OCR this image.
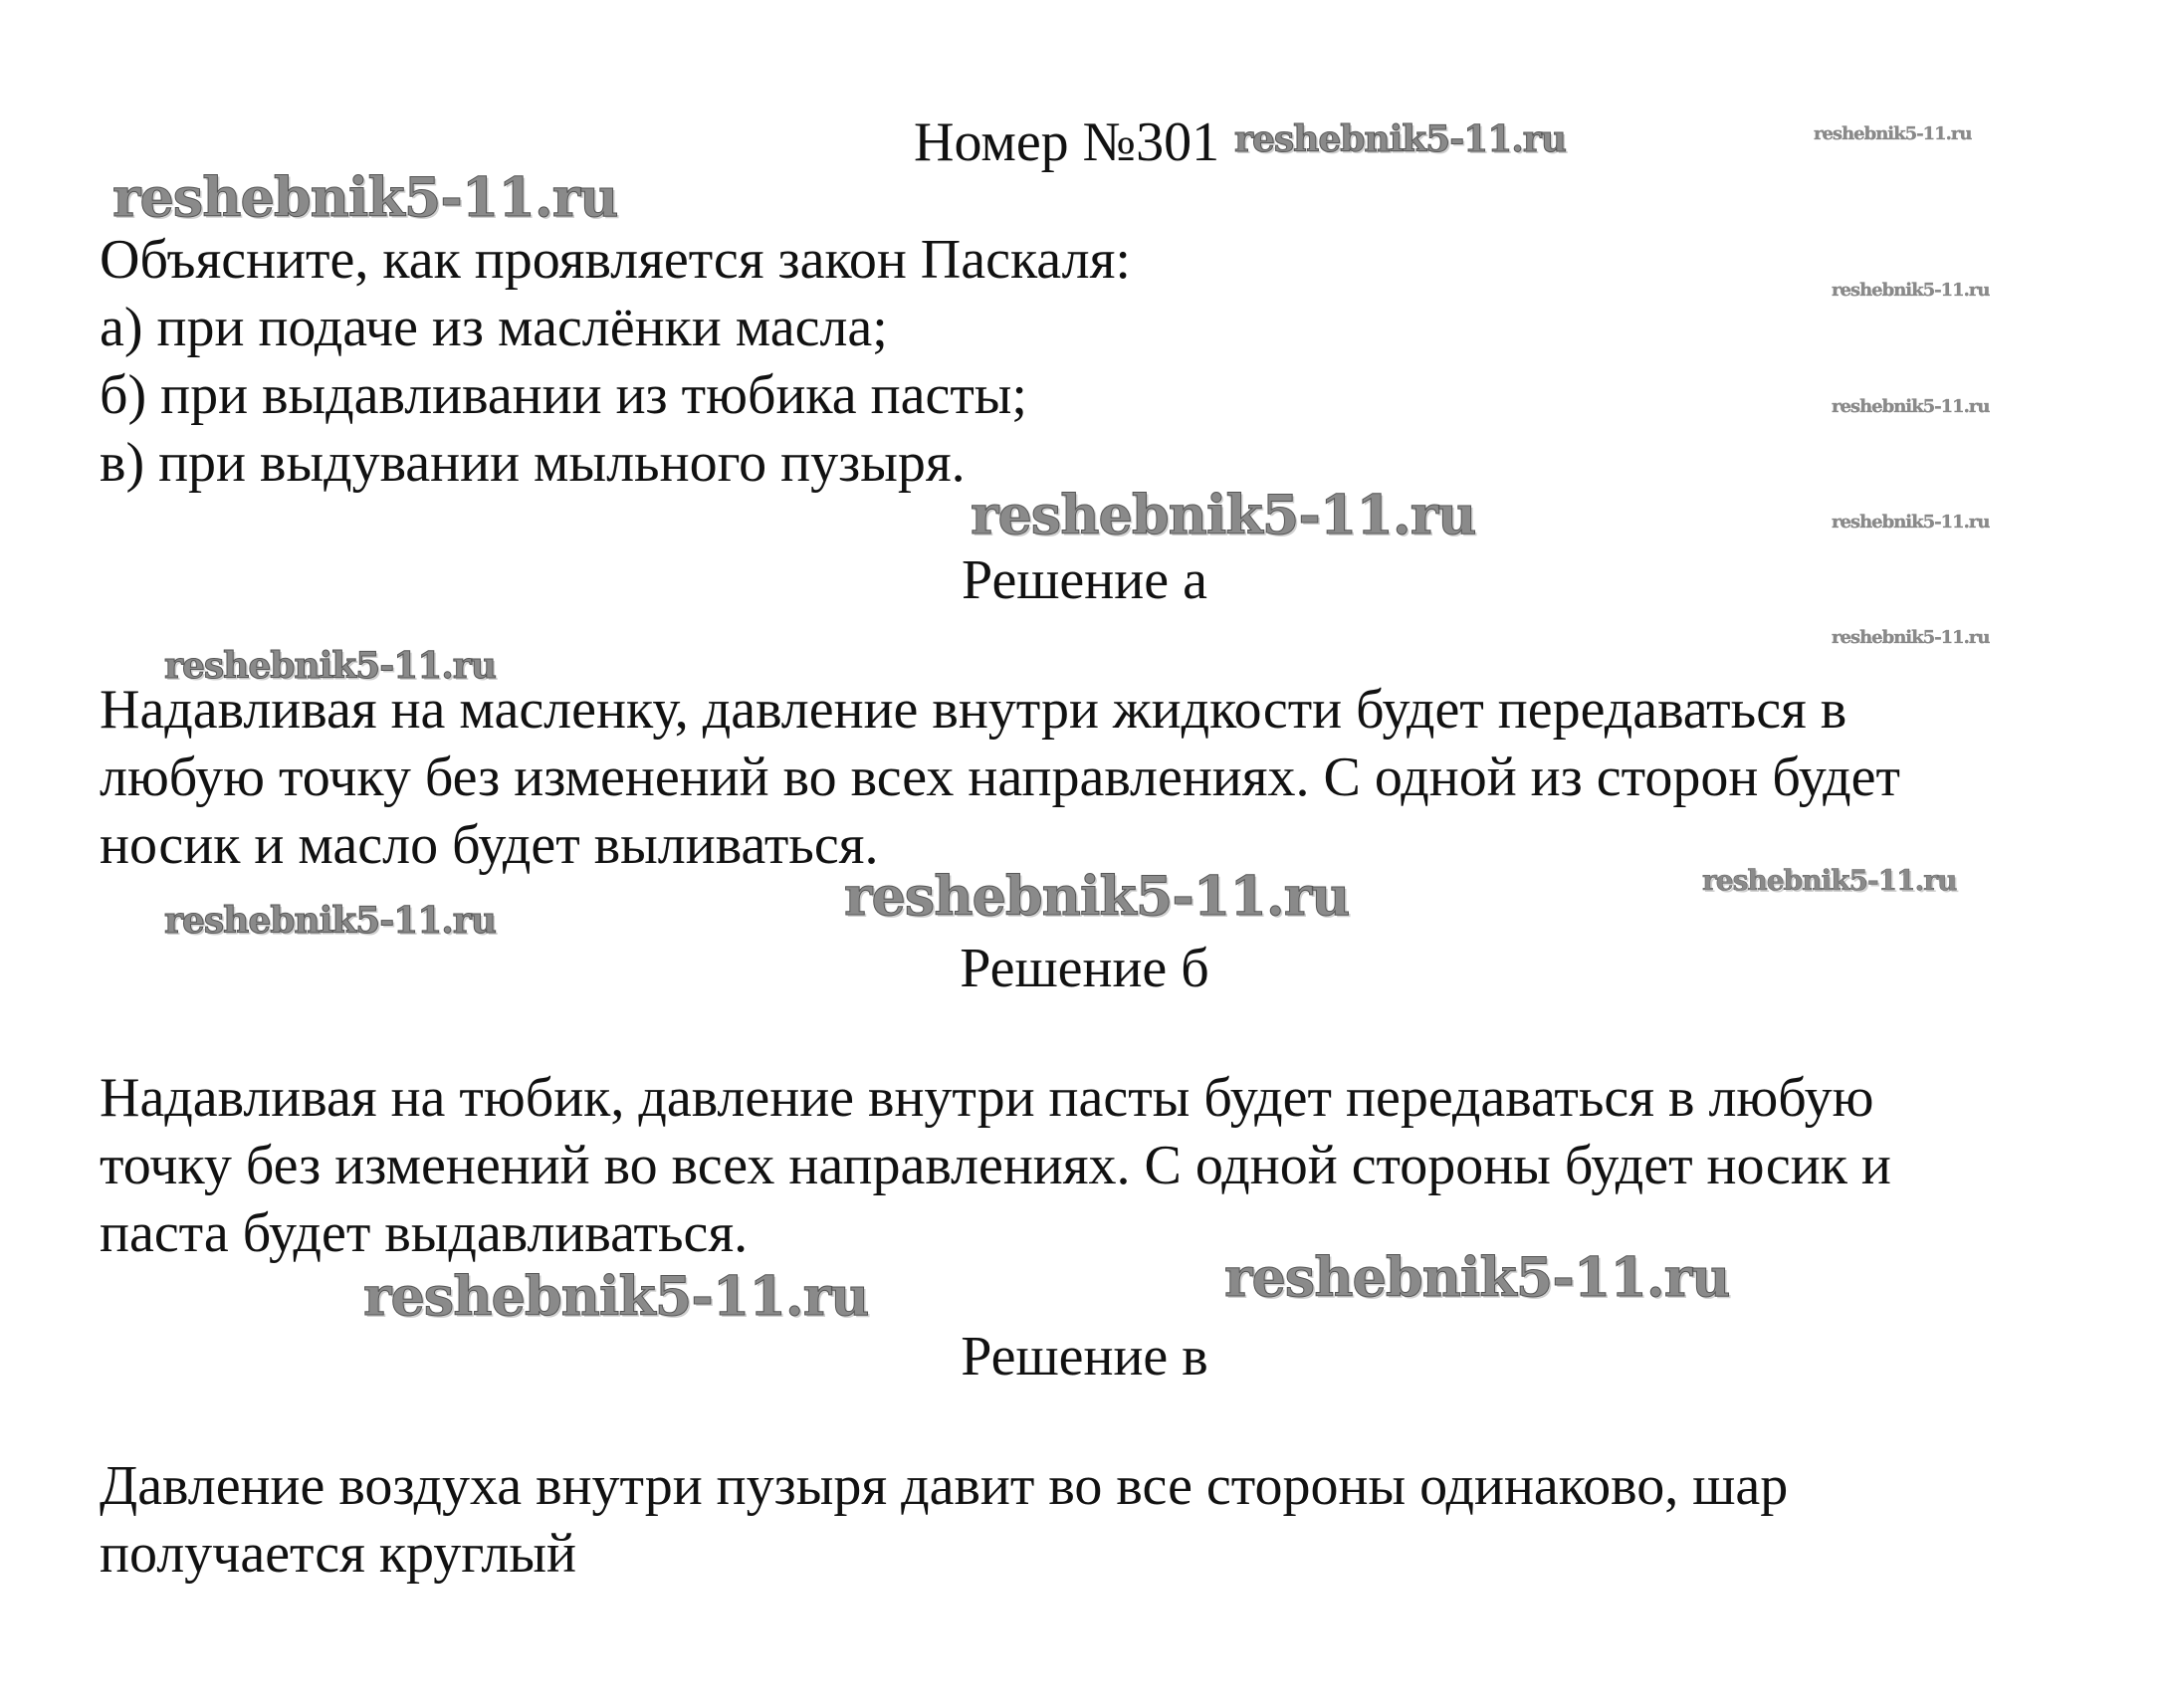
Номер №301
Объясните, как проявляется закон Паскаля:
а) при подаче из маслёнки масла;
б) при выдавливании из тюбика пасты;
в) при выдувании мыльного пузыря.
Решение а
Надавливая на масленку, давление внутри жидкости будет передаваться в
любую точку без изменений во всех направлениях. С одной из сторон будет
носик и масло будет выливаться.
Решение б
Надавливая на тюбик, давление внутри пасты будет передаваться в любую
точку без изменений во всех направлениях. С одной стороны будет носик и
паста будет выдавливаться.
Решение в
Давление воздуха внутри пузыря давит во все стороны одинаково, шар
получается круглый
reshebnik5-11.ru	reshebnik5-11.ru
reshebnik5-11.ru
reshebnik5-11.ru
reshebnik5-11.ru
reshebnik5-11.ru	reshebnik5-11.ru
reshebnik5-11.ru
reshebnik5-11.ru
reshebnik5-11.ru	reshebnik5-11.ru
reshebnik5-11.ru
reshebnik5-11.ru
reshebnik5-11.ru
